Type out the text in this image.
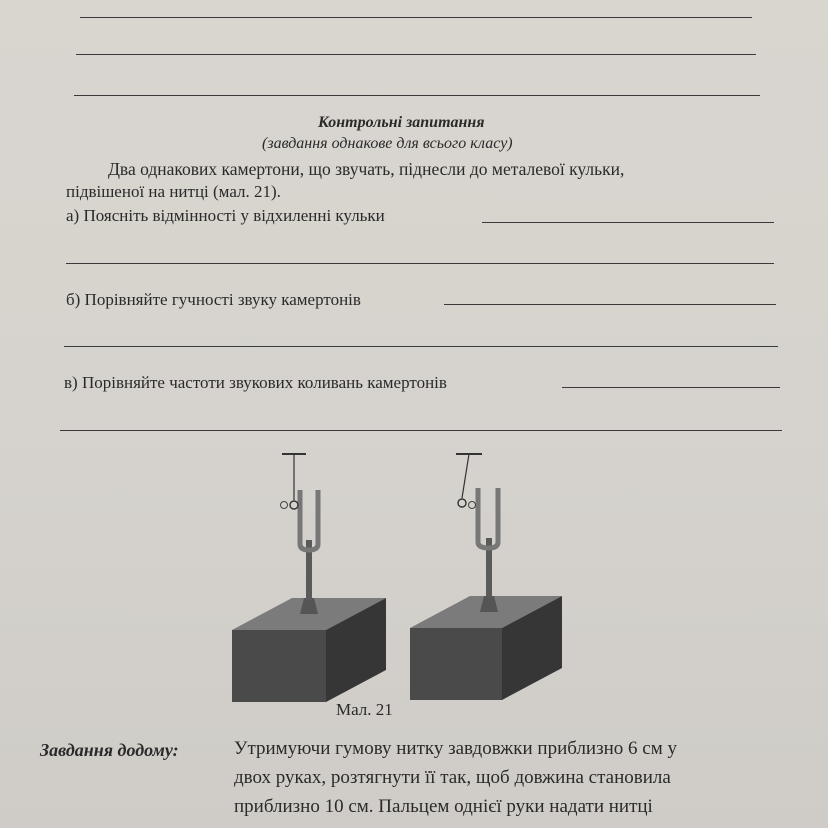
Контрольні запитання
(завдання однакове для всього класу)
Два однакових камертони, що звучать, піднесли до металевої кульки,
підвішеної на нитці (мал. 21).
а) Поясніть відмінності у відхиленні кульки
б) Порівняйте гучності звуку камертонів
в) Порівняйте частоти звукових коливань камертонів
Мал. 21
Завдання додому:	Утримуючи гумову нитку завдовжки приблизно 6 см у
двох руках, розтягнути її так, щоб довжина становила
приблизно 10 см. Пальцем однієї руки надати нитці
